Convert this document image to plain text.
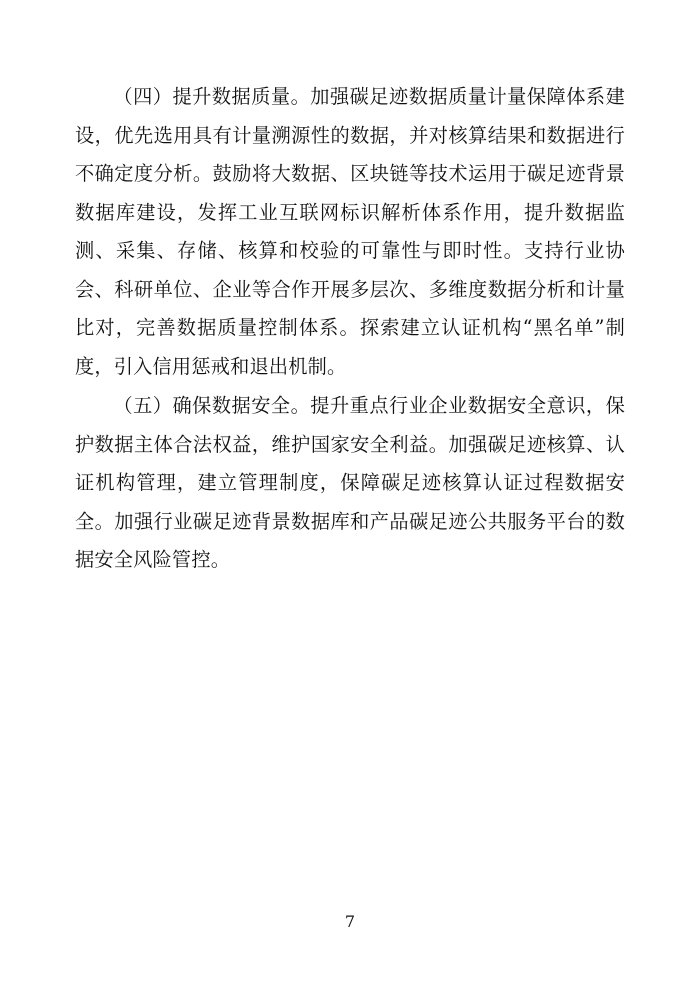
（四）提升数据质量。加强碳足迹数据质量计量保障体系建设，优先选用具有计量溯源性的数据，并对核算结果和数据进行不确定度分析。鼓励将大数据、区块链等技术运用于碳足迹背景数据库建设，发挥工业互联网标识解析体系作用，提升数据监测、采集、存储、核算和校验的可靠性与即时性。支持行业协会、科研单位、企业等合作开展多层次、多维度数据分析和计量比对，完善数据质量控制体系。探索建立认证机构“黑名单”制度，引入信用惩戒和退出机制。

（五）确保数据安全。提升重点行业企业数据安全意识，保护数据主体合法权益，维护国家安全利益。加强碳足迹核算、认证机构管理，建立管理制度，保障碳足迹核算认证过程数据安全。加强行业碳足迹背景数据库和产品碳足迹公共服务平台的数据安全风险管控。

7
